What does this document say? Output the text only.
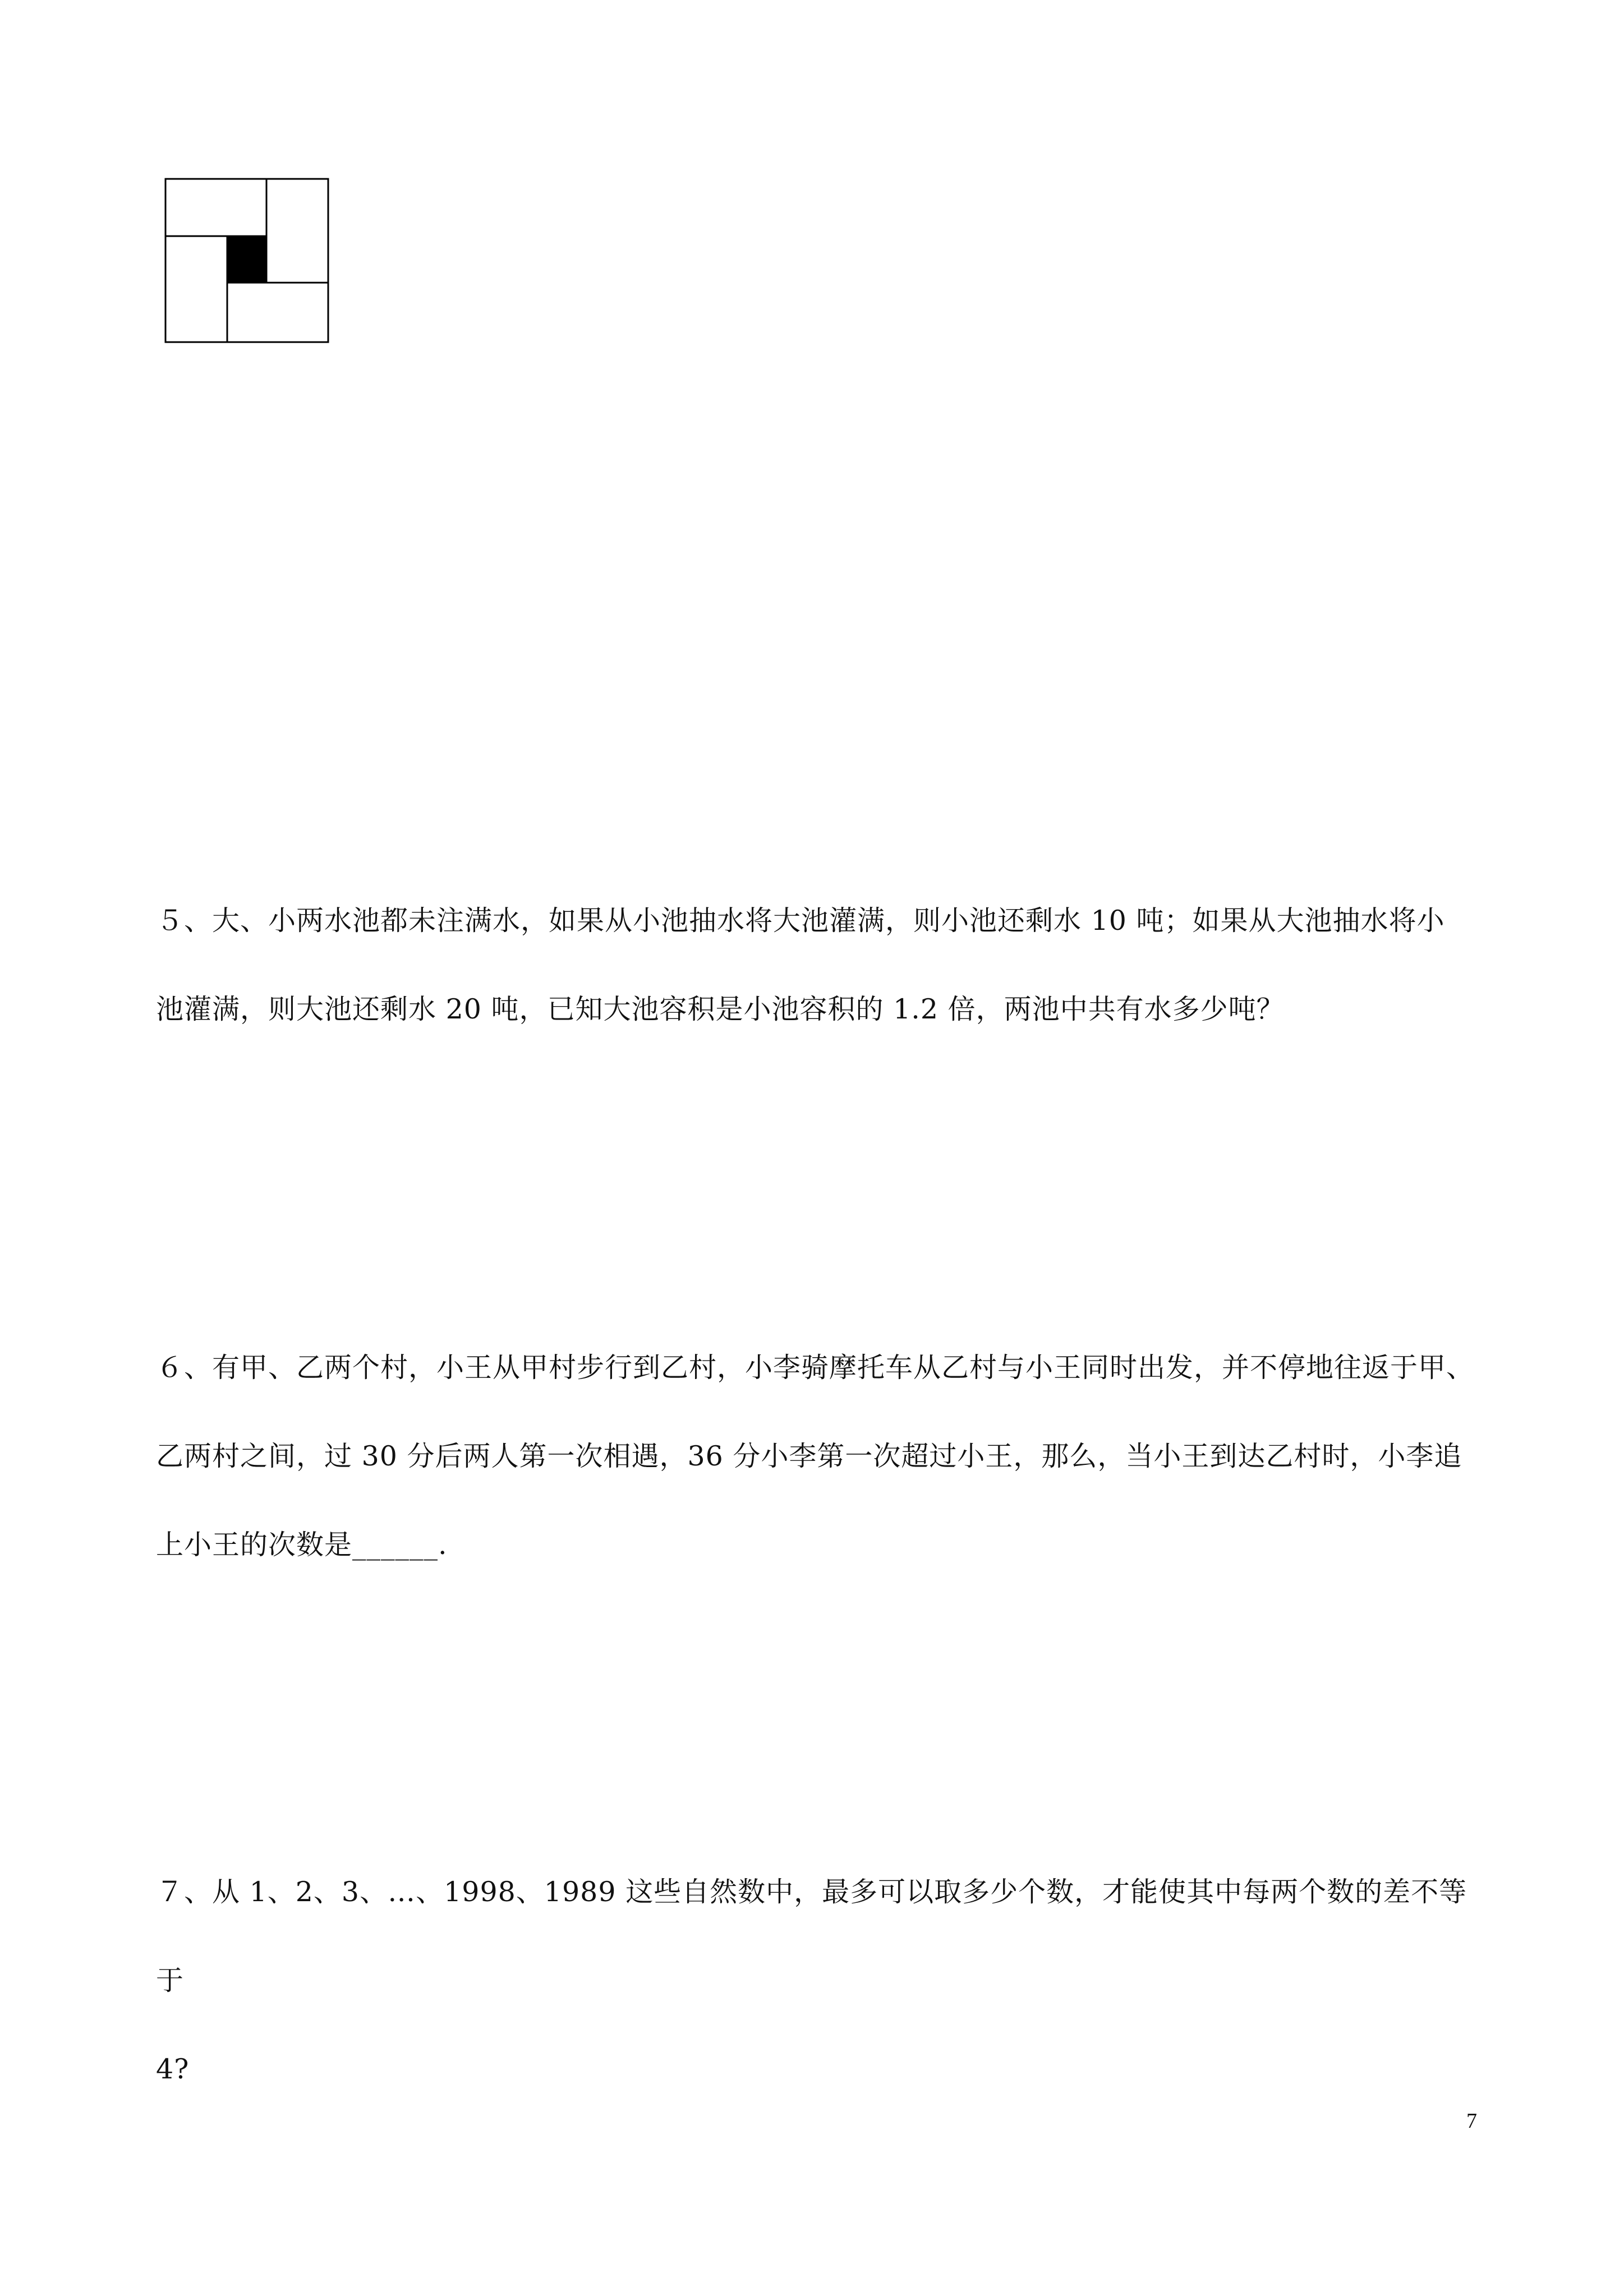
５、大、小两水池都未注满水，如果从小池抽水将大池灌满，则小池还剩水 10 吨；如果从大池抽水将小

池灌满，则大池还剩水 20 吨，已知大池容积是小池容积的 1.2 倍，两池中共有水多少吨？

６、有甲、乙两个村，小王从甲村步行到乙村，小李骑摩托车从乙村与小王同时出发，并不停地往返于甲、

乙两村之间，过 30 分后两人第一次相遇，36 分小李第一次超过小王，那么，当小王到达乙村时，小李追

上小王的次数是______.

７、从 1、2、3、…、1998、1989 这些自然数中，最多可以取多少个数，才能使其中每两个数的差不等于

4?

7
